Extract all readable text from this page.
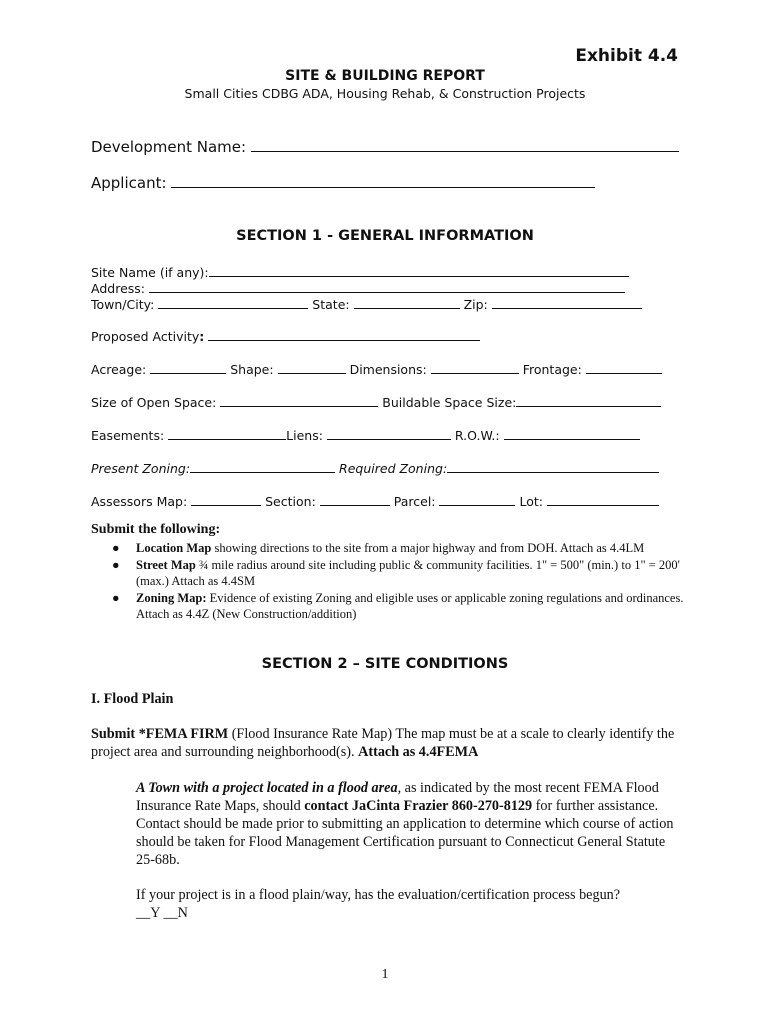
Exhibit 4.4
SITE & BUILDING REPORT
Small Cities CDBG ADA, Housing Rehab, & Construction Projects
Development Name:
Applicant:
SECTION 1 - GENERAL INFORMATION
Site Name (if any):
Address:
Town/City:	State:	Zip:
Proposed Activity:
Acreage:	Shape:	Dimensions:	Frontage:
Size of Open Space:	Buildable Space Size:
Easements:	Liens:	R.O.W.:
Present Zoning:	Required Zoning:
Assessors Map:	Section:	Parcel:	Lot:
Submit the following:
● Location Map showing directions to the site from a major highway and from DOH. Attach as 4.4LM
● Street Map ¾ mile radius around site including public & community facilities. 1" = 500" (min.) to 1" = 200' (max.) Attach as 4.4SM
● Zoning Map: Evidence of existing Zoning and eligible uses or applicable zoning regulations and ordinances. Attach as 4.4Z (New Construction/addition)
SECTION 2 – SITE CONDITIONS
I. Flood Plain
Submit *FEMA FIRM (Flood Insurance Rate Map) The map must be at a scale to clearly identify the project area and surrounding neighborhood(s). Attach as 4.4FEMA
A Town with a project located in a flood area, as indicated by the most recent FEMA Flood Insurance Rate Maps, should contact JaCinta Frazier 860-270-8129 for further assistance. Contact should be made prior to submitting an application to determine which course of action should be taken for Flood Management Certification pursuant to Connecticut General Statute 25-68b.
If your project is in a flood plain/way, has the evaluation/certification process begun?
__Y __N
1
